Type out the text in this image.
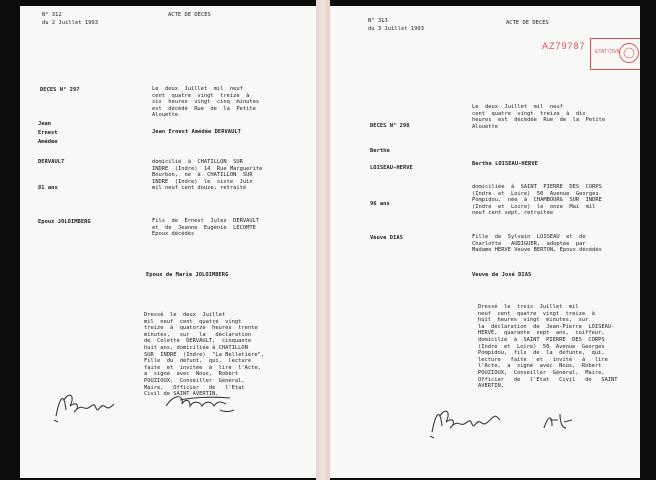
N° 312
du 2 Juillet 1993
ACTE DE DECES
DECES N° 297	Le  deux  Juillet  mil  neuf
cent  quatre  vingt  treize  à
six  heures  vingt  cinq  minutes
est  décédé  Rue  de  la  Petite
Alouette
Jean
Ernest
Amédée
Jean Ernest Amédée DERVAULT
DERVAULT	domicilié  à  CHATILLON  SUR
INDRE  (Indre)  14  Rue Marguerite
Bourbon,  né  à  CHATILLON  SUR
INDRE  (Indre)  le  sixte  Juin
mil neuf cent douze, retraité
81 ans
Epoux JOLOIMBERG	Fils  de  Ernest  Jules  DERVAULT
et  de  Jeanne  Eugénie  LECOMTE
Epoux décédés
Epoux de Marie JOLOIMBERG
Dressé  le  deux  Juillet
mil  neuf  cent  quatre  vingt
treize  à  quatorze  heures  trente
minutes,   sur   la   déclaration
de  Colette  DERVAULT,  cinquante
huit ans, domiciliée à CHATILLON
SUR  INDRE  (Indre)  "La Belletière",
Fille  du  défunt,  qui,  lecture
faite  et  invitée  à  lire  l'Acte,
a  signé  avec  Nous,  Robert
POUZIOUX,  Conseiller  Général,
Maire,   Officier   de   l'Etat
Civil de SAINT AVERTIN,
N° 313
du 3 Juillet 1993
ACTE DE DECES
AZ79787
ETAT CIVIL
Le  deux  Juillet  mil  neuf
cent  quatre  vingt  treize  à  dix
heures  est  décédée  Rue  de  la  Petite
Alouette
DECES N° 298
Berthe
Berthe LOISEAU-HERVE
LOISEAU-HERVE
domiciliée  à  SAINT  PIERRE  DES  CORPS
(Indre  et  Loire)  50  Avenue  Georges
Pompidou,  née  à  CHAMBOURG  SUR  INDRE
(Indre  et  Loire)  le  onze  Mai  mil
neuf cent sept, retraitée
96 ans
Veuve DIAS	Fille  de  Sylvain  LOISEAU  et  de
Charlotte   AUDIGUER,  adoptée  par
Madame HERVE Veuve BERTON, Epoux décédés
Veuve de José DIAS
Dressé  le  trois  Juillet  mil
neuf  cent  quatre  vingt  treize  à
huit  heures  vingt  minutes,  sur
la  déclaration  de  Jean-Pierre  LOISEAU-
HERVE,  quarante  sept  ans,  coiffeur,
domicilié  à  SAINT  PIERRE  DES  CORPS
(Indre  et  Loire)  50  Avenue  Georges
Pompidou,  fils  de  la  défunte,  qui,
lecture   faite   et   invité   à   lire
l'Acte,  a  signé  avec  Nous,  Robert
POUZIOUX,  Conseiller  Général,  Maire,
Officier   de   l'Etat   Civil   de   SAINT
AVERTIN,
